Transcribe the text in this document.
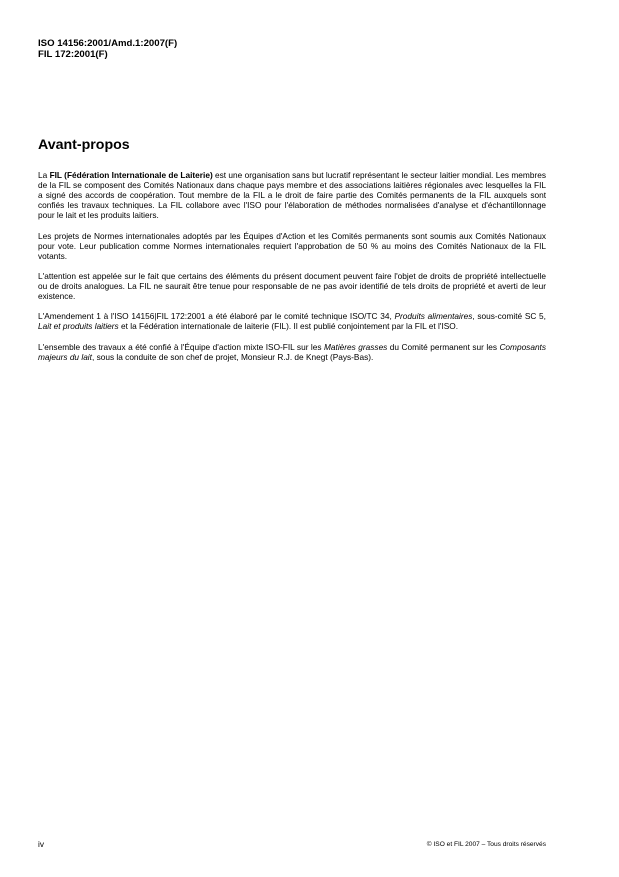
ISO 14156:2001/Amd.1:2007(F)
FIL 172:2001(F)
Avant-propos

La FIL (Fédération Internationale de Laiterie) est une organisation sans but lucratif représentant le secteur laitier mondial. Les membres de la FIL se composent des Comités Nationaux dans chaque pays membre et des associations laitières régionales avec lesquelles la FIL a signé des accords de coopération. Tout membre de la FIL a le droit de faire partie des Comités permanents de la FIL auxquels sont confiés les travaux techniques. La FIL collabore avec l'ISO pour l'élaboration de méthodes normalisées d'analyse et d'échantillonnage pour le lait et les produits laitiers.

Les projets de Normes internationales adoptés par les Équipes d'Action et les Comités permanents sont soumis aux Comités Nationaux pour vote. Leur publication comme Normes internationales requiert l'approbation de 50 % au moins des Comités Nationaux de la FIL votants.

L'attention est appelée sur le fait que certains des éléments du présent document peuvent faire l'objet de droits de propriété intellectuelle ou de droits analogues. La FIL ne saurait être tenue pour responsable de ne pas avoir identifié de tels droits de propriété et averti de leur existence.

L'Amendement 1 à l'ISO 14156|FIL 172:2001 a été élaboré par le comité technique ISO/TC 34, Produits alimentaires, sous-comité SC 5, Lait et produits laitiers et la Fédération internationale de laiterie (FIL). Il est publié conjointement par la FIL et l'ISO.

L'ensemble des travaux a été confié à l'Équipe d'action mixte ISO-FIL sur les Matières grasses du Comité permanent sur les Composants majeurs du lait, sous la conduite de son chef de projet, Monsieur R.J. de Knegt (Pays-Bas).

iv	© ISO et FIL 2007 – Tous droits réservés
